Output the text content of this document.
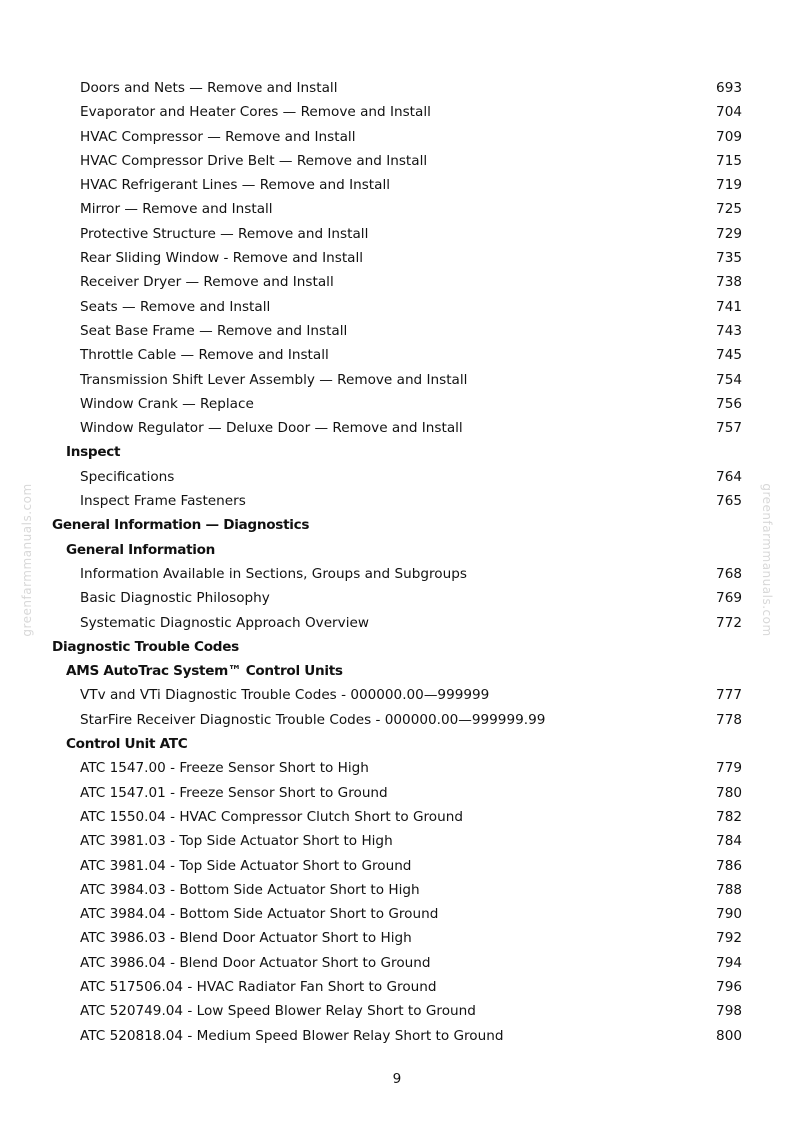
Doors and Nets — Remove and Install	693
Evaporator and Heater Cores — Remove and Install	704
HVAC Compressor — Remove and Install	709
HVAC Compressor Drive Belt — Remove and Install	715
HVAC Refrigerant Lines — Remove and Install	719
Mirror — Remove and Install	725
Protective Structure — Remove and Install	729
Rear Sliding Window - Remove and Install	735
Receiver Dryer — Remove and Install	738
Seats — Remove and Install	741
Seat Base Frame — Remove and Install	743
Throttle Cable — Remove and Install	745
Transmission Shift Lever Assembly — Remove and Install	754
Window Crank — Replace	756
Window Regulator — Deluxe Door — Remove and Install	757
Inspect
Specifications	764
Inspect Frame Fasteners	765
General Information — Diagnostics
General Information
Information Available in Sections, Groups and Subgroups	768
Basic Diagnostic Philosophy	769
Systematic Diagnostic Approach Overview	772
Diagnostic Trouble Codes
AMS AutoTrac System™ Control Units
VTv and VTi Diagnostic Trouble Codes - 000000.00—999999	777
StarFire Receiver Diagnostic Trouble Codes - 000000.00—999999.99	778
Control Unit ATC
ATC 1547.00 - Freeze Sensor Short to High	779
ATC 1547.01 - Freeze Sensor Short to Ground	780
ATC 1550.04 - HVAC Compressor Clutch Short to Ground	782
ATC 3981.03 - Top Side Actuator Short to High	784
ATC 3981.04 - Top Side Actuator Short to Ground	786
ATC 3984.03 - Bottom Side Actuator Short to High	788
ATC 3984.04 - Bottom Side Actuator Short to Ground	790
ATC 3986.03 - Blend Door Actuator Short to High	792
ATC 3986.04 - Blend Door Actuator Short to Ground	794
ATC 517506.04 - HVAC Radiator Fan Short to Ground	796
ATC 520749.04 - Low Speed Blower Relay Short to Ground	798
ATC 520818.04 - Medium Speed Blower Relay Short to Ground	800
9
greenfarmmanuals.com	greenfarmmanuals.com
